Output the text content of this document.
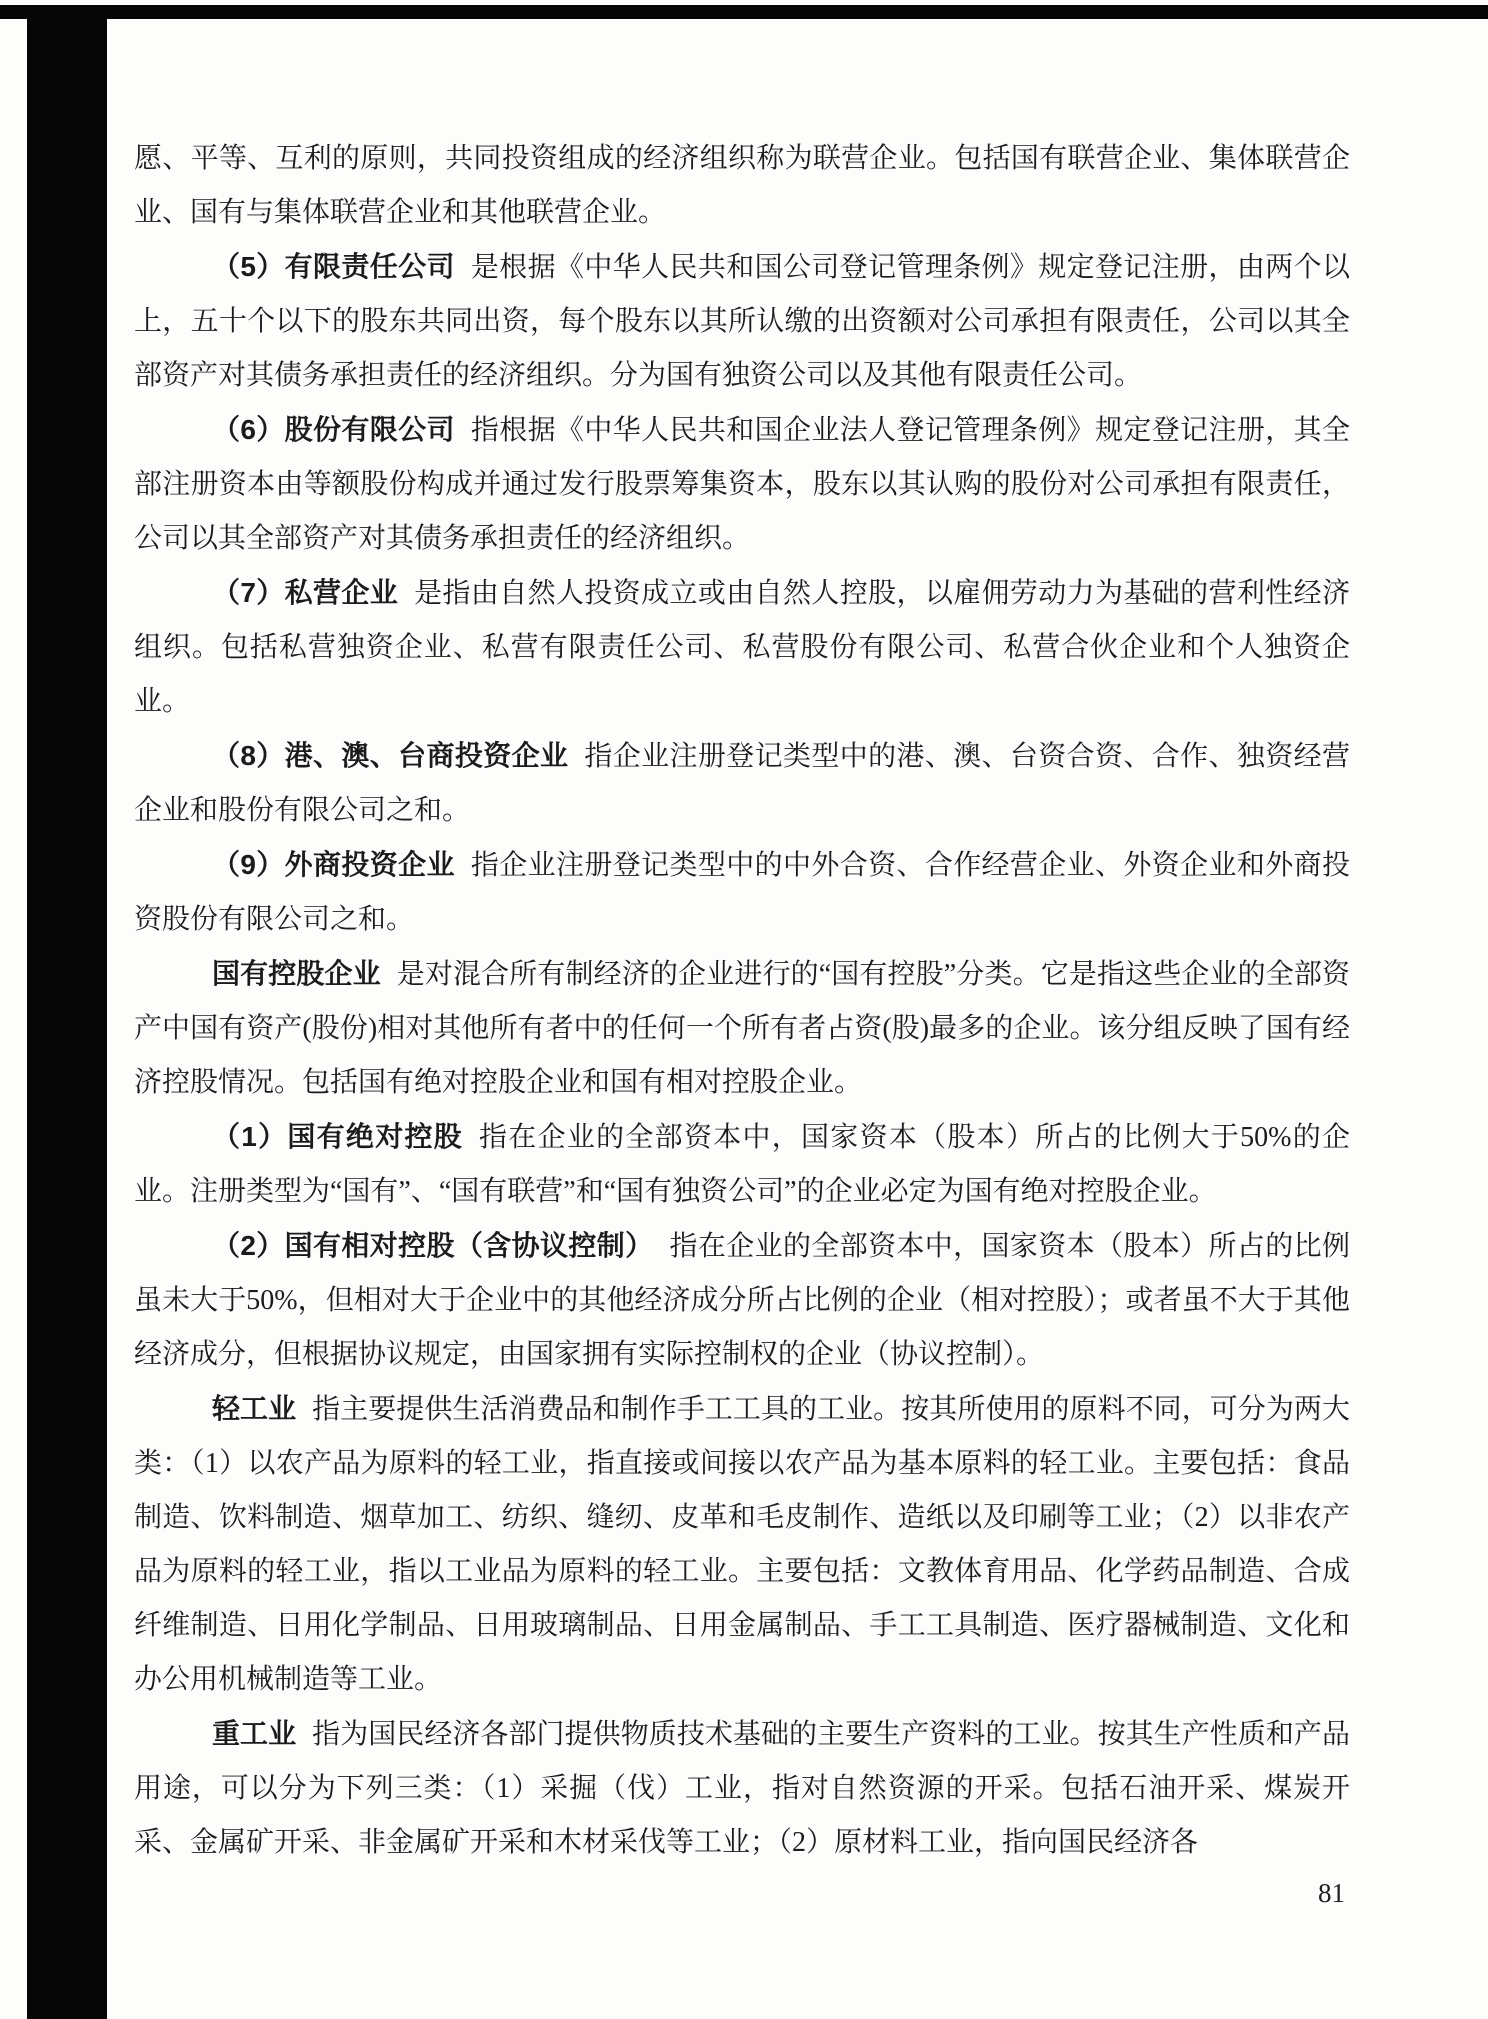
愿、平等、互利的原则，共同投资组成的经济组织称为联营企业。包括国有联营企业、集体联营企业、国有与集体联营企业和其他联营企业。

（5）有限责任公司 是根据《中华人民共和国公司登记管理条例》规定登记注册，由两个以上，五十个以下的股东共同出资，每个股东以其所认缴的出资额对公司承担有限责任，公司以其全部资产对其债务承担责任的经济组织。分为国有独资公司以及其他有限责任公司。

（6）股份有限公司 指根据《中华人民共和国企业法人登记管理条例》规定登记注册，其全部注册资本由等额股份构成并通过发行股票筹集资本，股东以其认购的股份对公司承担有限责任，公司以其全部资产对其债务承担责任的经济组织。

（7）私营企业 是指由自然人投资成立或由自然人控股，以雇佣劳动力为基础的营利性经济组织。包括私营独资企业、私营有限责任公司、私营股份有限公司、私营合伙企业和个人独资企业。

（8）港、澳、台商投资企业 指企业注册登记类型中的港、澳、台资合资、合作、独资经营企业和股份有限公司之和。

（9）外商投资企业 指企业注册登记类型中的中外合资、合作经营企业、外资企业和外商投资股份有限公司之和。

国有控股企业 是对混合所有制经济的企业进行的“国有控股”分类。它是指这些企业的全部资产中国有资产(股份)相对其他所有者中的任何一个所有者占资(股)最多的企业。该分组反映了国有经济控股情况。包括国有绝对控股企业和国有相对控股企业。

（1）国有绝对控股 指在企业的全部资本中，国家资本（股本）所占的比例大于50%的企业。注册类型为“国有”、“国有联营”和“国有独资公司”的企业必定为国有绝对控股企业。

（2）国有相对控股（含协议控制） 指在企业的全部资本中，国家资本（股本）所占的比例虽未大于50%，但相对大于企业中的其他经济成分所占比例的企业（相对控股）；或者虽不大于其他经济成分，但根据协议规定，由国家拥有实际控制权的企业（协议控制）。

轻工业 指主要提供生活消费品和制作手工工具的工业。按其所使用的原料不同，可分为两大类：（1）以农产品为原料的轻工业，指直接或间接以农产品为基本原料的轻工业。主要包括：食品制造、饮料制造、烟草加工、纺织、缝纫、皮革和毛皮制作、造纸以及印刷等工业；（2）以非农产品为原料的轻工业，指以工业品为原料的轻工业。主要包括：文教体育用品、化学药品制造、合成纤维制造、日用化学制品、日用玻璃制品、日用金属制品、手工工具制造、医疗器械制造、文化和办公用机械制造等工业。

重工业 指为国民经济各部门提供物质技术基础的主要生产资料的工业。按其生产性质和产品用途，可以分为下列三类：（1）采掘（伐）工业，指对自然资源的开采。包括石油开采、煤炭开采、金属矿开采、非金属矿开采和木材采伐等工业；（2）原材料工业，指向国民经济各

81
